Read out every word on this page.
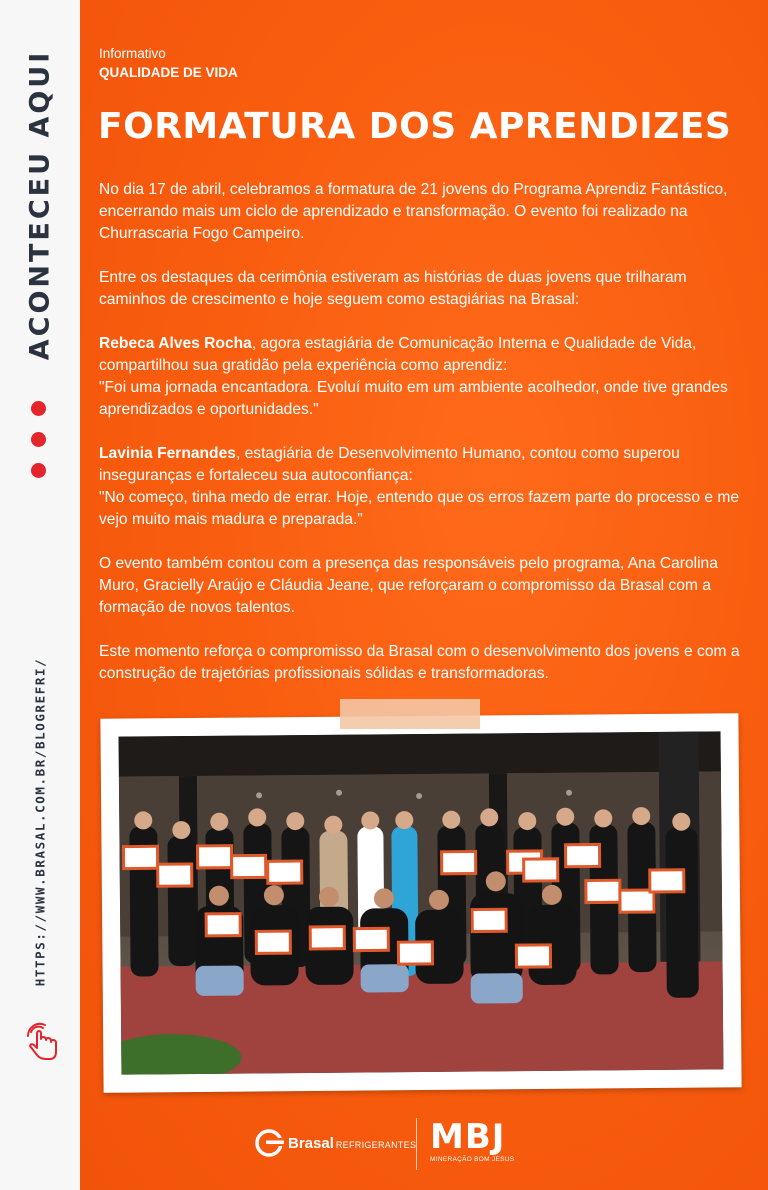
ACONTECEU AQUI
HTTPS://WWW.BRASAL.COM.BR/BLOGREFRI/
Informativo
QUALIDADE DE VIDA
FORMATURA DOS APRENDIZES

No dia 17 de abril, celebramos a formatura de 21 jovens do Programa Aprendiz Fantástico, encerrando mais um ciclo de aprendizado e transformação. O evento foi realizado na Churrascaria Fogo Campeiro.

Entre os destaques da cerimônia estiveram as histórias de duas jovens que trilharam caminhos de crescimento e hoje seguem como estagiárias na Brasal:

Rebeca Alves Rocha, agora estagiária de Comunicação Interna e Qualidade de Vida, compartilhou sua gratidão pela experiência como aprendiz:
"Foi uma jornada encantadora. Evoluí muito em um ambiente acolhedor, onde tive grandes aprendizados e oportunidades."

Lavinia Fernandes, estagiária de Desenvolvimento Humano, contou como superou inseguranças e fortaleceu sua autoconfiança:
"No começo, tinha medo de errar. Hoje, entendo que os erros fazem parte do processo e me vejo muito mais madura e preparada."

O evento também contou com a presença das responsáveis pelo programa, Ana Carolina Muro, Gracielly Araújo e Cláudia Jeane, que reforçaram o compromisso da Brasal com a formação de novos talentos.

Este momento reforça o compromisso da Brasal com o desenvolvimento dos jovens e com a construção de trajetórias profissionais sólidas e transformadoras.

Brasal REFRIGERANTES MBJ
MINERAÇÃO BOM JESUS
